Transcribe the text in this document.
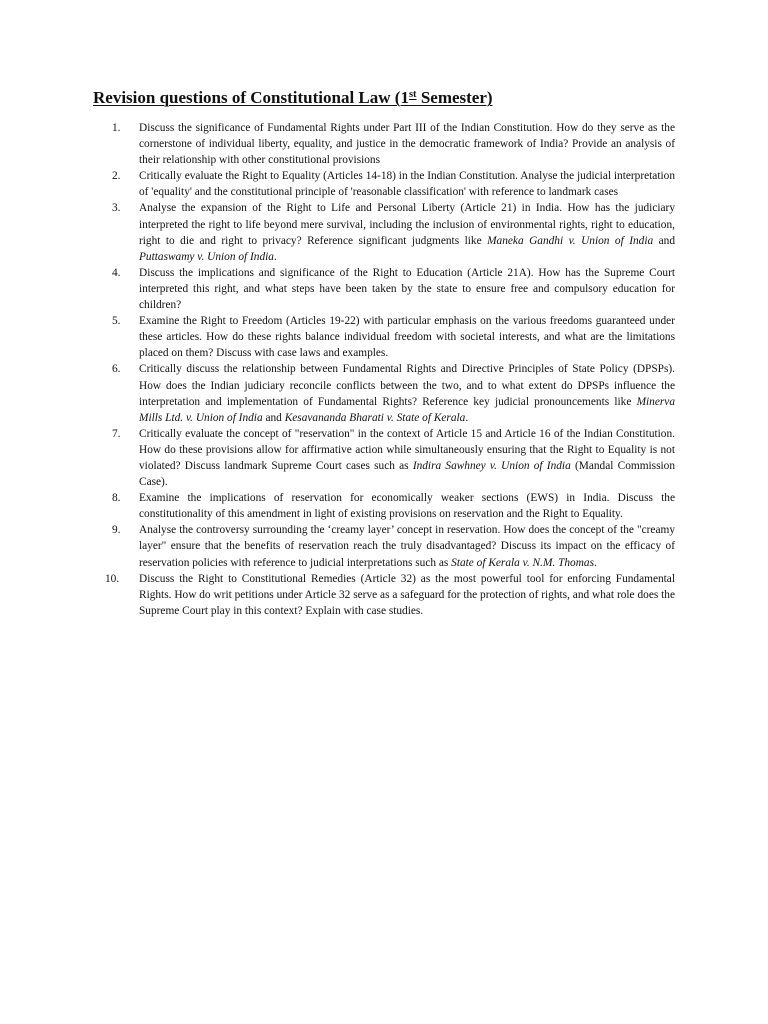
Revision questions of Constitutional Law (1st Semester)
1.	Discuss the significance of Fundamental Rights under Part III of the Indian Constitution. How do they serve as the cornerstone of individual liberty, equality, and justice in the democratic framework of India? Provide an analysis of their relationship with other constitutional provisions
2.	Critically evaluate the Right to Equality (Articles 14-18) in the Indian Constitution. Analyse the judicial interpretation of 'equality' and the constitutional principle of 'reasonable classification' with reference to landmark cases
3.	Analyse the expansion of the Right to Life and Personal Liberty (Article 21) in India. How has the judiciary interpreted the right to life beyond mere survival, including the inclusion of environmental rights, right to education, right to die and right to privacy? Reference significant judgments like Maneka Gandhi v. Union of India and Puttaswamy v. Union of India.
4.	Discuss the implications and significance of the Right to Education (Article 21A). How has the Supreme Court interpreted this right, and what steps have been taken by the state to ensure free and compulsory education for children?
5.	Examine the Right to Freedom (Articles 19-22) with particular emphasis on the various freedoms guaranteed under these articles. How do these rights balance individual freedom with societal interests, and what are the limitations placed on them? Discuss with case laws and examples.
6.	Critically discuss the relationship between Fundamental Rights and Directive Principles of State Policy (DPSPs). How does the Indian judiciary reconcile conflicts between the two, and to what extent do DPSPs influence the interpretation and implementation of Fundamental Rights? Reference key judicial pronouncements like Minerva Mills Ltd. v. Union of India and Kesavananda Bharati v. State of Kerala.
7.	Critically evaluate the concept of "reservation" in the context of Article 15 and Article 16 of the Indian Constitution. How do these provisions allow for affirmative action while simultaneously ensuring that the Right to Equality is not violated? Discuss landmark Supreme Court cases such as Indira Sawhney v. Union of India (Mandal Commission Case).
8.	Examine the implications of reservation for economically weaker sections (EWS) in India. Discuss the constitutionality of this amendment in light of existing provisions on reservation and the Right to Equality.
9.	Analyse the controversy surrounding the ‘creamy layer’ concept in reservation. How does the concept of the "creamy layer" ensure that the benefits of reservation reach the truly disadvantaged? Discuss its impact on the efficacy of reservation policies with reference to judicial interpretations such as State of Kerala v. N.M. Thomas.
10.	Discuss the Right to Constitutional Remedies (Article 32) as the most powerful tool for enforcing Fundamental Rights. How do writ petitions under Article 32 serve as a safeguard for the protection of rights, and what role does the Supreme Court play in this context? Explain with case studies.
